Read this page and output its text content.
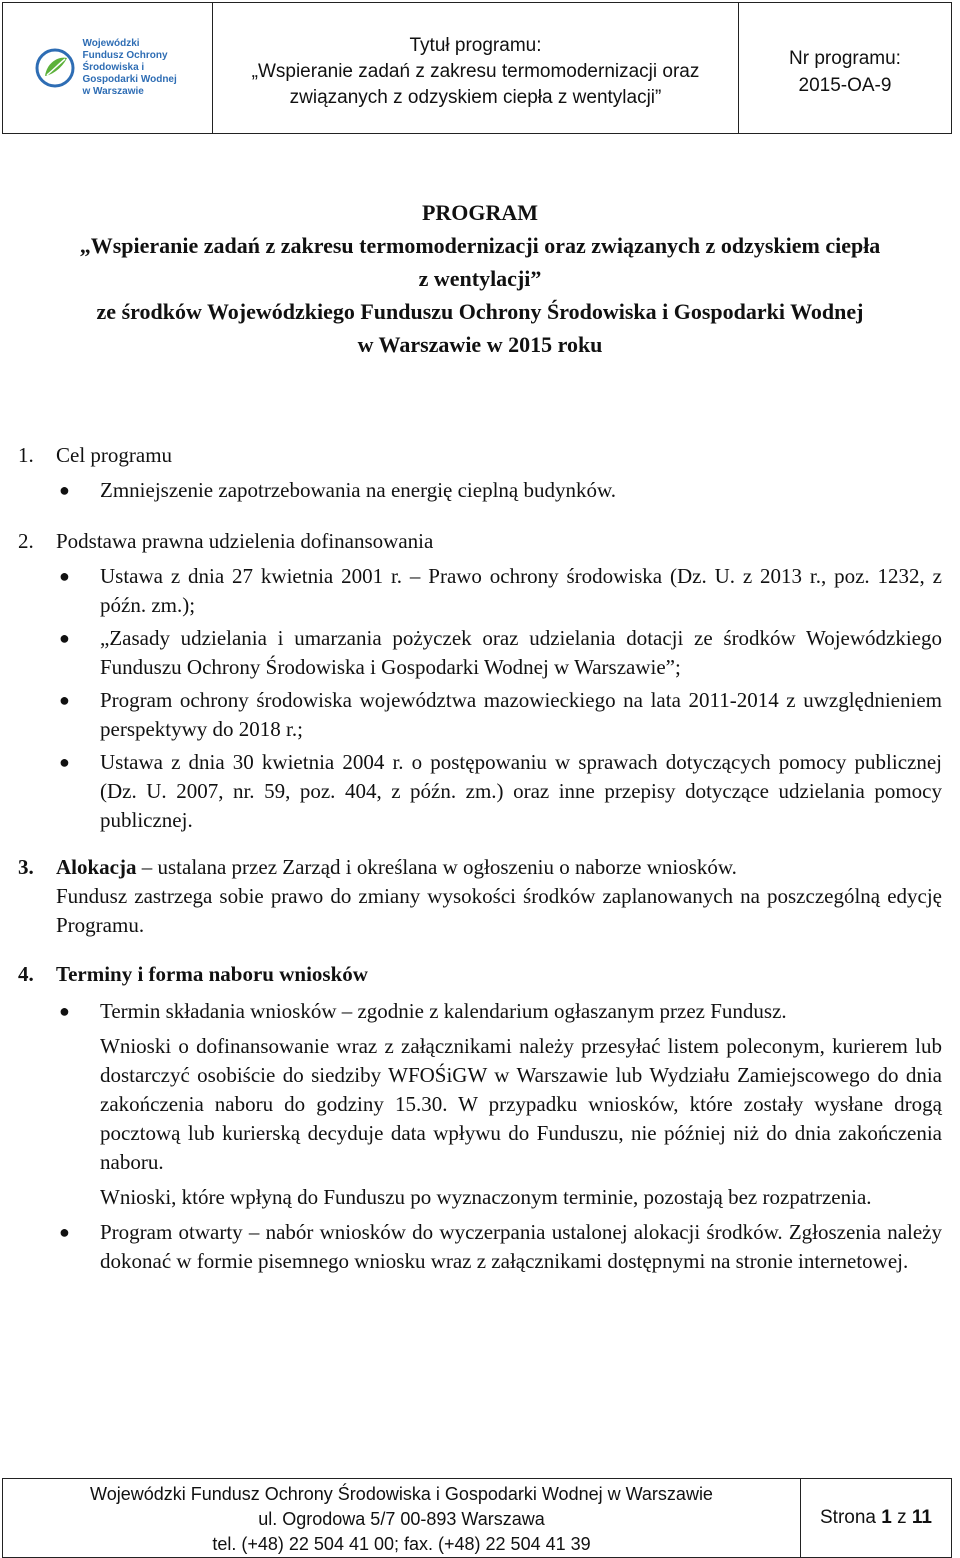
Wojewódzki Fundusz Ochrony Środowiska i Gospodarki Wodnej w Warszawie
Tytuł programu:
„Wspieranie zadań z zakresu termomodernizacji oraz
związanych z odzyskiem ciepła z wentylacji”
Nr programu:
2015-OA-9
PROGRAM
„Wspieranie zadań z zakresu termomodernizacji oraz związanych z odzyskiem ciepła
z wentylacji”
ze środków Wojewódzkiego Funduszu Ochrony Środowiska i Gospodarki Wodnej
w Warszawie w 2015 roku
1. Cel programu
● Zmniejszenie zapotrzebowania na energię cieplną budynków.
2. Podstawa prawna udzielenia dofinansowania
● Ustawa z dnia 27 kwietnia 2001 r. – Prawo ochrony środowiska (Dz. U. z 2013 r., poz. 1232, z późn. zm.);
● „Zasady udzielania i umarzania pożyczek oraz udzielania dotacji ze środków Wojewódzkiego Funduszu Ochrony Środowiska i Gospodarki Wodnej w Warszawie”;
● Program ochrony środowiska województwa mazowieckiego na lata 2011-2014 z uwzględnieniem perspektywy do 2018 r.;
● Ustawa z dnia 30 kwietnia 2004 r. o postępowaniu w sprawach dotyczących pomocy publicznej (Dz. U. 2007, nr. 59, poz. 404, z późn. zm.) oraz inne przepisy dotyczące udzielania pomocy publicznej.
3. Alokacja – ustalana przez Zarząd i określana w ogłoszeniu o naborze wniosków.
Fundusz zastrzega sobie prawo do zmiany wysokości środków zaplanowanych na poszczególną edycję Programu.
4. Terminy i forma naboru wniosków
● Termin składania wniosków – zgodnie z kalendarium ogłaszanym przez Fundusz.
Wnioski o dofinansowanie wraz z załącznikami należy przesyłać listem poleconym, kurierem lub dostarczyć osobiście do siedziby WFOŚiGW w Warszawie lub Wydziału Zamiejscowego do dnia zakończenia naboru do godziny 15.30. W przypadku wniosków, które zostały wysłane drogą pocztową lub kurierską decyduje data wpływu do Funduszu, nie później niż do dnia zakończenia naboru.
Wnioski, które wpłyną do Funduszu po wyznaczonym terminie, pozostają bez rozpatrzenia.
● Program otwarty – nabór wniosków do wyczerpania ustalonej alokacji środków. Zgłoszenia należy dokonać w formie pisemnego wniosku wraz z załącznikami dostępnymi na stronie internetowej.
Wojewódzki Fundusz Ochrony Środowiska i Gospodarki Wodnej w Warszawie
ul. Ogrodowa 5/7 00-893 Warszawa
tel. (+48) 22 504 41 00; fax. (+48) 22 504 41 39
Strona
1
z
11
